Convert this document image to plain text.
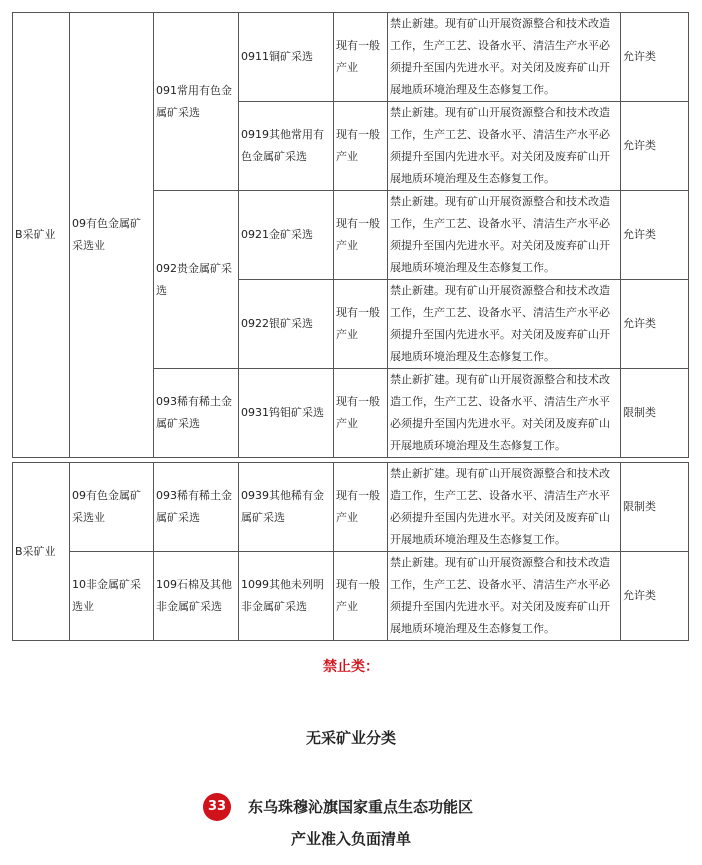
B采矿业	09有色金属矿采选业	091常用有色金属矿采选	0911铜矿采选	现有一般产业	禁止新建。现有矿山开展资源整合和技术改造工作，生产工艺、设备水平、清洁生产水平必须提升至国内先进水平。对关闭及废弃矿山开展地质环境治理及生态修复工作。	允许类
			0919其他常用有色金属矿采选	现有一般产业	禁止新建。现有矿山开展资源整合和技术改造工作，生产工艺、设备水平、清洁生产水平必须提升至国内先进水平。对关闭及废弃矿山开展地质环境治理及生态修复工作。	允许类
		092贵金属矿采选	0921金矿采选	现有一般产业	禁止新建。现有矿山开展资源整合和技术改造工作，生产工艺、设备水平、清洁生产水平必须提升至国内先进水平。对关闭及废弃矿山开展地质环境治理及生态修复工作。	允许类
			0922银矿采选	现有一般产业	禁止新建。现有矿山开展资源整合和技术改造工作，生产工艺、设备水平、清洁生产水平必须提升至国内先进水平。对关闭及废弃矿山开展地质环境治理及生态修复工作。	允许类
		093稀有稀土金属矿采选	0931钨钼矿采选	现有一般产业	禁止新扩建。现有矿山开展资源整合和技术改造工作，生产工艺、设备水平、清洁生产水平必须提升至国内先进水平。对关闭及废弃矿山开展地质环境治理及生态修复工作。	限制类
B采矿业	09有色金属矿采选业	093稀有稀土金属矿采选	0939其他稀有金属矿采选	现有一般产业	禁止新扩建。现有矿山开展资源整合和技术改造工作，生产工艺、设备水平、清洁生产水平必须提升至国内先进水平。对关闭及废弃矿山开展地质环境治理及生态修复工作。	限制类
	10非金属矿采选业	109石棉及其他非金属矿采选	1099其他未列明非金属矿采选	现有一般产业	禁止新建。现有矿山开展资源整合和技术改造工作，生产工艺、设备水平、清洁生产水平必须提升至国内先进水平。对关闭及废弃矿山开展地质环境治理及生态修复工作。	允许类
禁止类：
无采矿业分类
33	东乌珠穆沁旗国家重点生态功能区
产业准入负面清单
